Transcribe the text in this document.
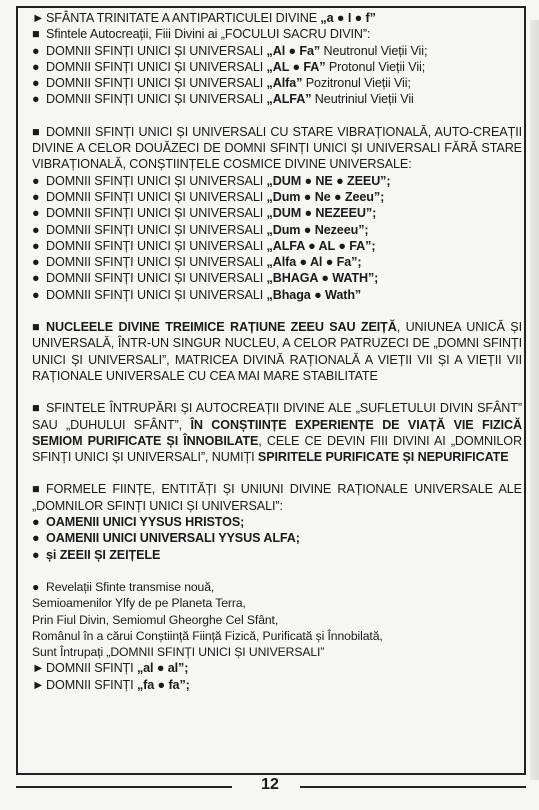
► SFÂNTA TRINITATE A ANTIPARTICULEI DIVINE „a ● I ● f”
■ Sfintele Autocreații, Fiii Divini ai „FOCULUI SACRU DIVIN”:
● DOMNII SFINȚI UNICI ȘI UNIVERSALI „Al ● Fa” Neutronul Vieții Vii;
● DOMNII SFINȚI UNICI ȘI UNIVERSALI „AL ● FA” Protonul Vieții Vii;
● DOMNII SFINȚI UNICI ȘI UNIVERSALI „Alfa” Pozitronul Vieții Vii;
● DOMNII SFINȚI UNICI ȘI UNIVERSALI „ALFA” Neutriniul Vieții Vii
■ DOMNII SFINȚI UNICI ȘI UNIVERSALI CU STARE VIBRAȚIONALĂ, AUTO-CREAȚII DIVINE A CELOR DOUĂZECI DE DOMNI SFINȚI UNICI ȘI UNIVERSALI FĂRĂ STARE VIBRAȚIONALĂ, CONȘTIINȚELE COSMICE DIVINE UNIVERSALE:
● DOMNII SFINȚI UNICI ȘI UNIVERSALI „DUM ● NE ● ZEEU”;
● DOMNII SFINȚI UNICI ȘI UNIVERSALI „Dum ● Ne ● Zeeu”;
● DOMNII SFINȚI UNICI ȘI UNIVERSALI „DUM ● NEZEEU”;
● DOMNII SFINȚI UNICI ȘI UNIVERSALI „Dum ● Nezeeu”;
● DOMNII SFINȚI UNICI ȘI UNIVERSALI „ALFA ● AL ● FA”;
● DOMNII SFINȚI UNICI ȘI UNIVERSALI „Alfa ● Al ● Fa”;
● DOMNII SFINȚI UNICI ȘI UNIVERSALI „BHAGA ● WATH”;
● DOMNII SFINȚI UNICI ȘI UNIVERSALI „Bhaga ● Wath”
■ NUCLEELE DIVINE TREIMICE RAȚIUNE ZEEU SAU ZEIȚĂ, UNIUNEA UNICĂ ȘI UNIVERSALĂ, ÎNTR-UN SINGUR NUCLEU, A CELOR PATRUZECI DE „DOMNI SFINȚI UNICI ȘI UNIVERSALI”, MATRICEA DIVINĂ RAȚIONALĂ A VIEȚII VII ȘI A VIEȚII VII RAȚIONALE UNIVERSALE CU CEA MAI MARE STABILITATE
■ SFINTELE ÎNTRUPĂRI ȘI AUTOCREAȚII DIVINE ALE „SUFLETULUI DIVIN SFÂNT” SAU „DUHULUI SFÂNT”, ÎN CONȘTIINȚE EXPERIENȚE DE VIAȚĂ VIE FIZICĂ SEMIOM PURIFICATE ȘI ÎNNOBILATE, CELE CE DEVIN FIII DIVINI AI „DOMNILOR SFINȚI UNICI ȘI UNIVERSALI”, NUMIȚI SPIRITELE PURIFICATE ȘI NEPURIFICATE
■ FORMELE FIINȚE, ENTITĂȚI ȘI UNIUNI DIVINE RAȚIONALE UNIVERSALE ALE „DOMNILOR SFINȚI UNICI ȘI UNIVERSALI”:
● OAMENII UNICI YYSUS HRISTOS;
● OAMENII UNICI UNIVERSALI YYSUS ALFA;
● și ZEEII ȘI ZEIȚELE
● Revelații Sfinte transmise nouă,
Semioamenilor Ylfy de pe Planeta Terra,
Prin Fiul Divin, Semiomul Gheorghe Cel Sfânt,
Românul în a cărui Conștiință Ființă Fizică, Purificată și Înnobilată,
Sunt Întrupați „DOMNII SFINȚI UNICI ȘI UNIVERSALI”
► DOMNII SFINȚI „al ● al”;
► DOMNII SFINȚI „fa ● fa”;
12
